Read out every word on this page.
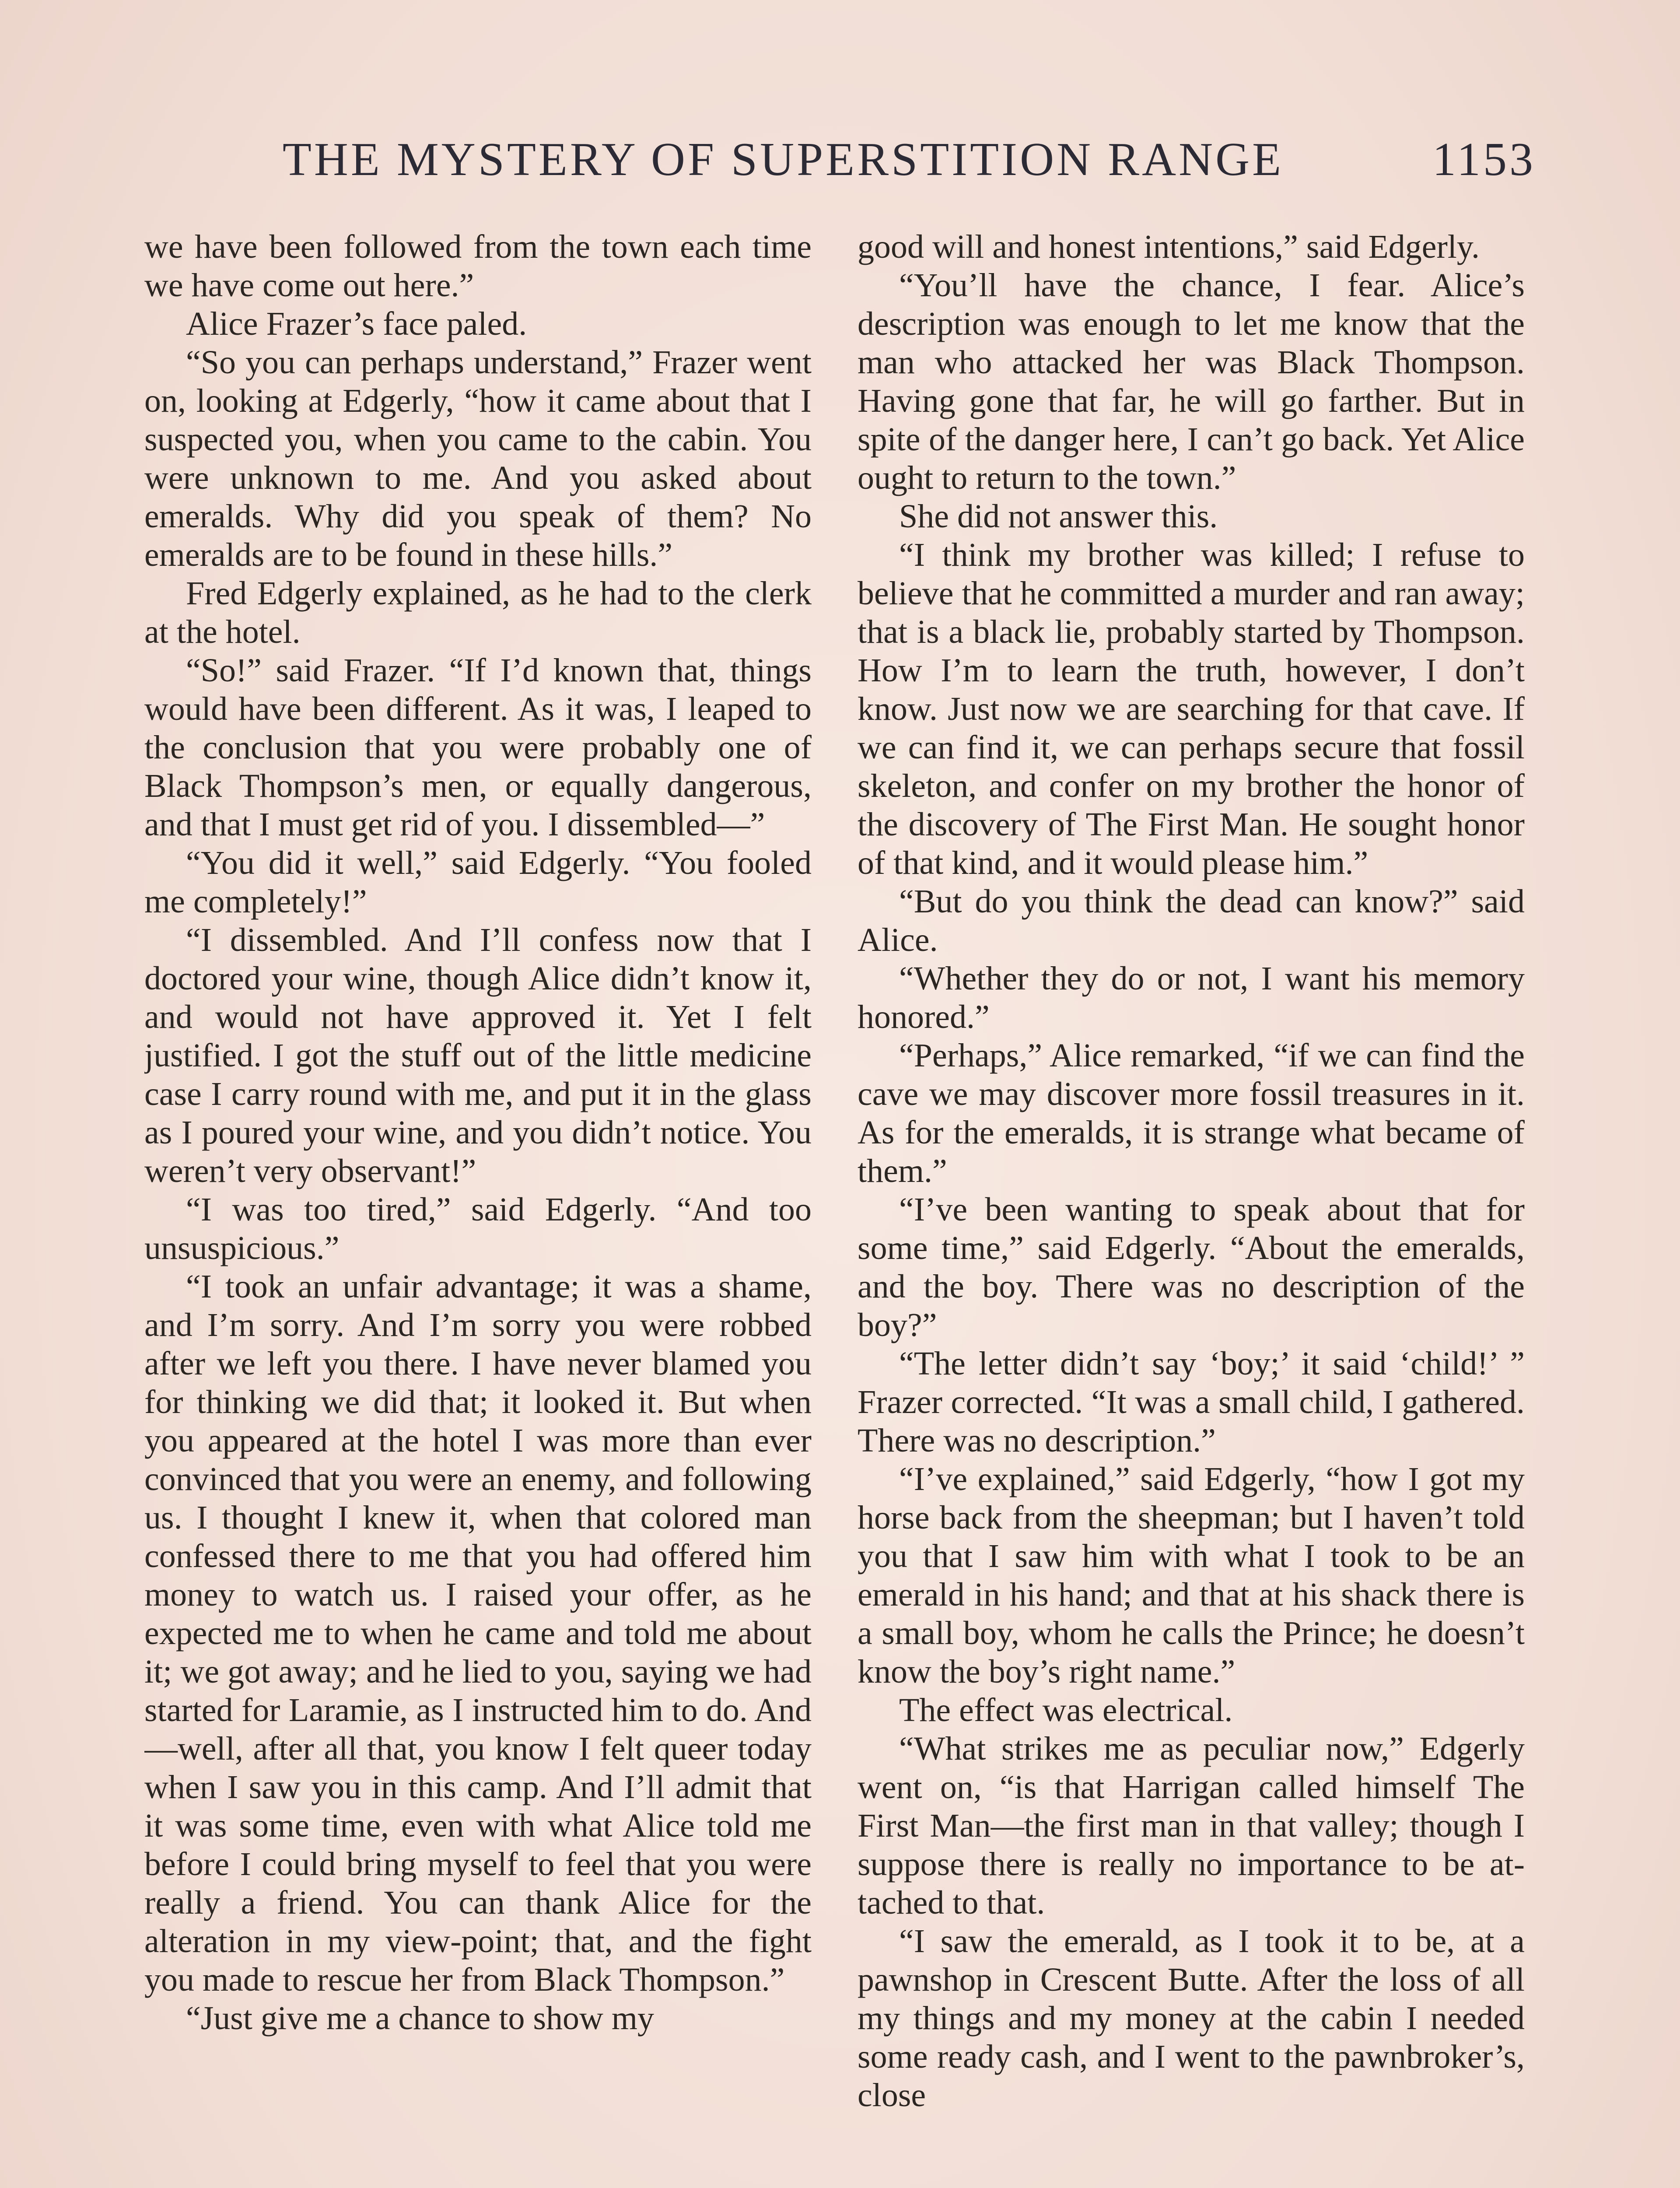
THE MYSTERY OF SUPERSTITION RANGE	1153

we have been followed from the town each time we have come out here.”

Alice Frazer’s face paled.

“So you can perhaps understand,” Frazer went on, looking at Edgerly, “how it came about that I suspected you, when you came to the cabin. You were unknown to me. And you asked about emeralds. Why did you speak of them? No emeralds are to be found in these hills.”

Fred Edgerly explained, as he had to the clerk at the hotel.

“So!” said Frazer. “If I’d known that, things would have been different. As it was, I leaped to the conclusion that you were probably one of Black Thompson’s men, or equally dangerous, and that I must get rid of you. I dissembled—”

“You did it well,” said Edgerly. “You fooled me completely!”

“I dissembled. And I’ll confess now that I doctored your wine, though Alice didn’t know it, and would not have approved it. Yet I felt justified. I got the stuff out of the little medicine case I carry round with me, and put it in the glass as I poured your wine, and you didn’t notice. You weren’t very observant!”

“I was too tired,” said Edgerly. “And too unsuspicious.”

“I took an unfair advantage; it was a shame, and I’m sorry. And I’m sorry you were robbed after we left you there. I have never blamed you for thinking we did that; it looked it. But when you appeared at the hotel I was more than ever convinced that you were an enemy, and following us. I thought I knew it, when that colored man confessed there to me that you had offered him money to watch us. I raised your offer, as he expected me to when he came and told me about it; we got away; and he lied to you, saying we had started for Laramie, as I instructed him to do. And—well, after all that, you know I felt queer today when I saw you in this camp. And I’ll admit that it was some time, even with what Alice told me before I could bring myself to feel that you were really a friend. You can thank Alice for the alteration in my view-point; that, and the fight you made to rescue her from Black Thompson.”

“Just give me a chance to show my

good will and honest intentions,” said Edgerly.

“You’ll have the chance, I fear. Alice’s description was enough to let me know that the man who attacked her was Black Thompson. Having gone that far, he will go farther. But in spite of the danger here, I can’t go back. Yet Alice ought to return to the town.”

She did not answer this.

“I think my brother was killed; I refuse to believe that he committed a murder and ran away; that is a black lie, probably started by Thompson. How I’m to learn the truth, however, I don’t know. Just now we are searching for that cave. If we can find it, we can perhaps secure that fossil skeleton, and confer on my brother the honor of the discovery of The First Man. He sought honor of that kind, and it would please him.”

“But do you think the dead can know?” said Alice.

“Whether they do or not, I want his memory honored.”

“Perhaps,” Alice remarked, “if we can find the cave we may discover more fossil treasures in it. As for the emeralds, it is strange what became of them.”

“I’ve been wanting to speak about that for some time,” said Edgerly. “About the emeralds, and the boy. There was no description of the boy?”

“The letter didn’t say ‘boy;’ it said ‘child!’ ” Frazer corrected. “It was a small child, I gathered. There was no description.”

“I’ve explained,” said Edgerly, “how I got my horse back from the sheepman; but I haven’t told you that I saw him with what I took to be an emerald in his hand; and that at his shack there is a small boy, whom he calls the Prince; he doesn’t know the boy’s right name.”

The effect was electrical.

“What strikes me as peculiar now,” Edgerly went on, “is that Harrigan called himself The First Man—the first man in that valley; though I suppose there is really no importance to be attached to that.

“I saw the emerald, as I took it to be, at a pawnshop in Crescent Butte. After the loss of all my things and my money at the cabin I needed some ready cash, and I went to the pawnbroker’s, close
